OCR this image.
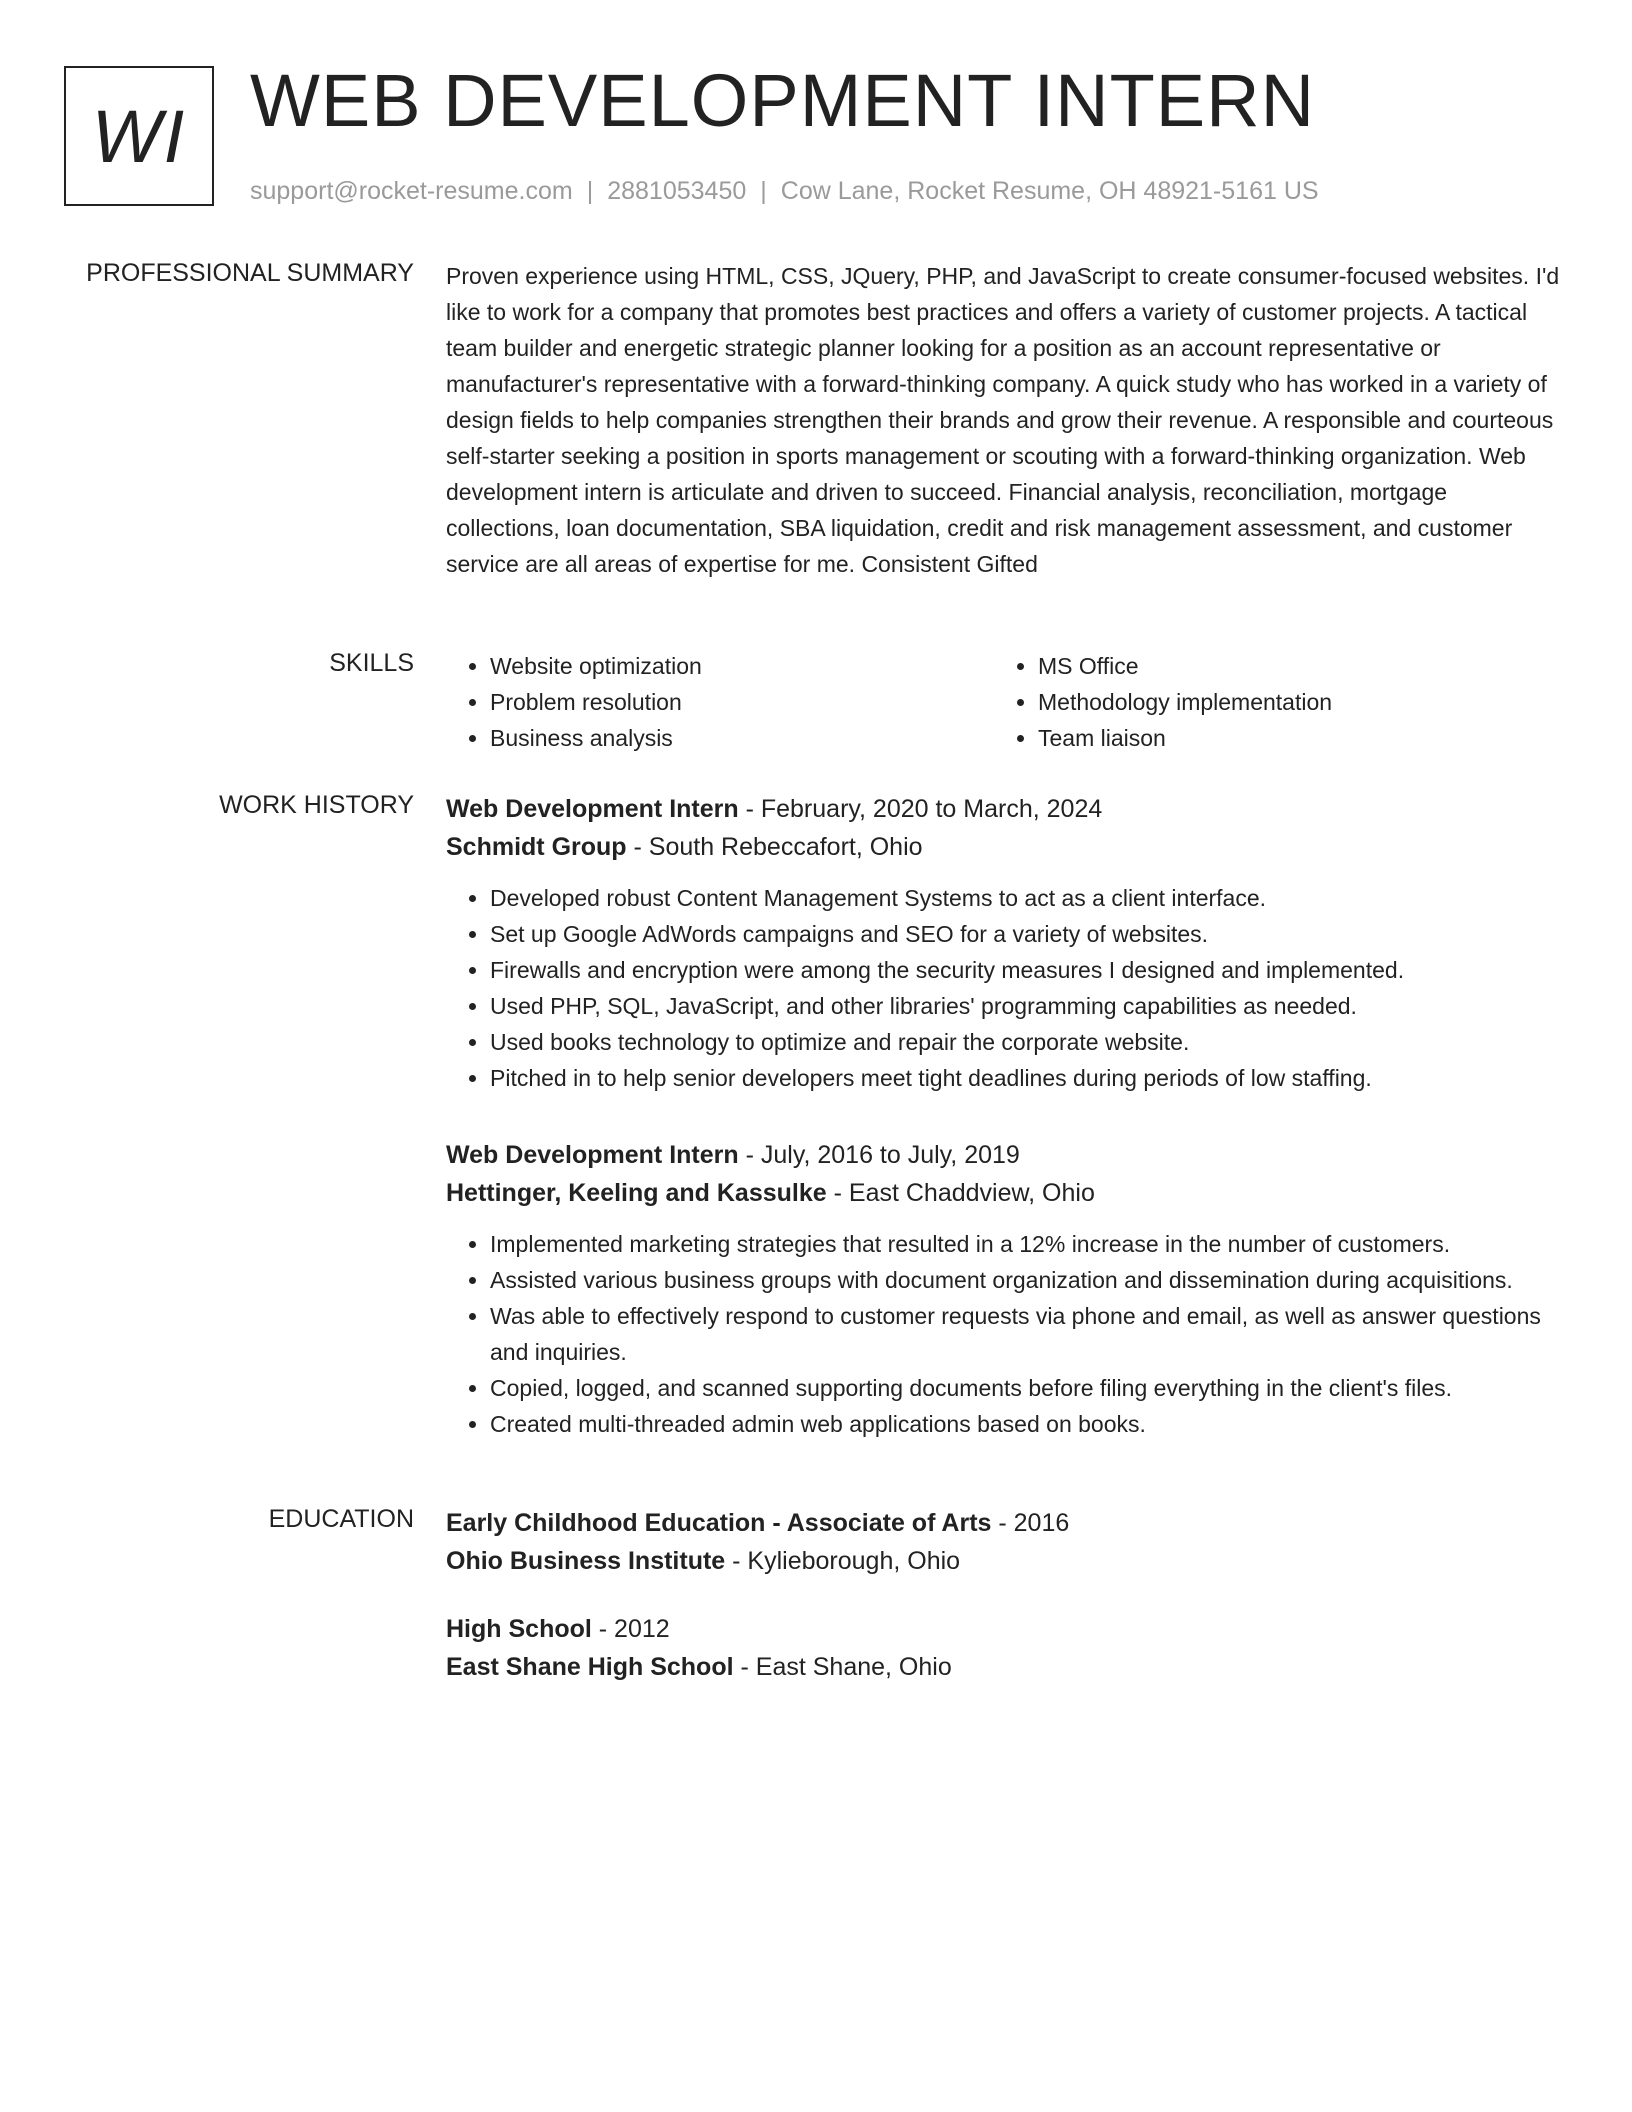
WI WEB DEVELOPMENT INTERN
support@rocket-resume.com | 2881053450 | Cow Lane, Rocket Resume, OH 48921-5161 US
PROFESSIONAL SUMMARY Proven experience using HTML, CSS, JQuery, PHP, and JavaScript to create consumer-focused websites. I'd like to work for a company that promotes best practices and offers a variety of customer projects. A tactical team builder and energetic strategic planner looking for a position as an account representative or manufacturer's representative with a forward-thinking company. A quick study who has worked in a variety of design fields to help companies strengthen their brands and grow their revenue. A responsible and courteous self-starter seeking a position in sports management or scouting with a forward-thinking organization. Web development intern is articulate and driven to succeed. Financial analysis, reconciliation, mortgage collections, loan documentation, SBA liquidation, credit and risk management assessment, and customer service are all areas of expertise for me. Consistent Gifted

SKILLS
•	Website optimization
• Problem resolution
• Business analysis
• MS Office
• Methodology implementation
• Team liaison
WORK HISTORY Web Development Intern - February, 2020 to March, 2024

Schmidt Group - South Rebeccafort, Ohio

• Developed robust Content Management Systems to act as a client interface.
• Set up Google AdWords campaigns and SEO for a variety of websites.
• Firewalls and encryption were among the security measures I designed and implemented.
• Used PHP, SQL, JavaScript, and other libraries' programming capabilities as needed.
• Used books technology to optimize and repair the corporate website.
• Pitched in to help senior developers meet tight deadlines during periods of low staffing.

Web Development Intern - July, 2016 to July, 2019

Hettinger, Keeling and Kassulke - East Chaddview, Ohio

• Implemented marketing strategies that resulted in a 12% increase in the number of customers.
• Assisted various business groups with document organization and dissemination during acquisitions.
• Was able to effectively respond to customer requests via phone and email, as well as answer questions and inquiries.
• Copied, logged, and scanned supporting documents before filing everything in the client's files.
• Created multi-threaded admin web applications based on books.
EDUCATION Early Childhood Education - Associate of Arts - 2016

Ohio Business Institute - Kylieborough, Ohio

High School - 2012

East Shane High School - East Shane, Ohio
